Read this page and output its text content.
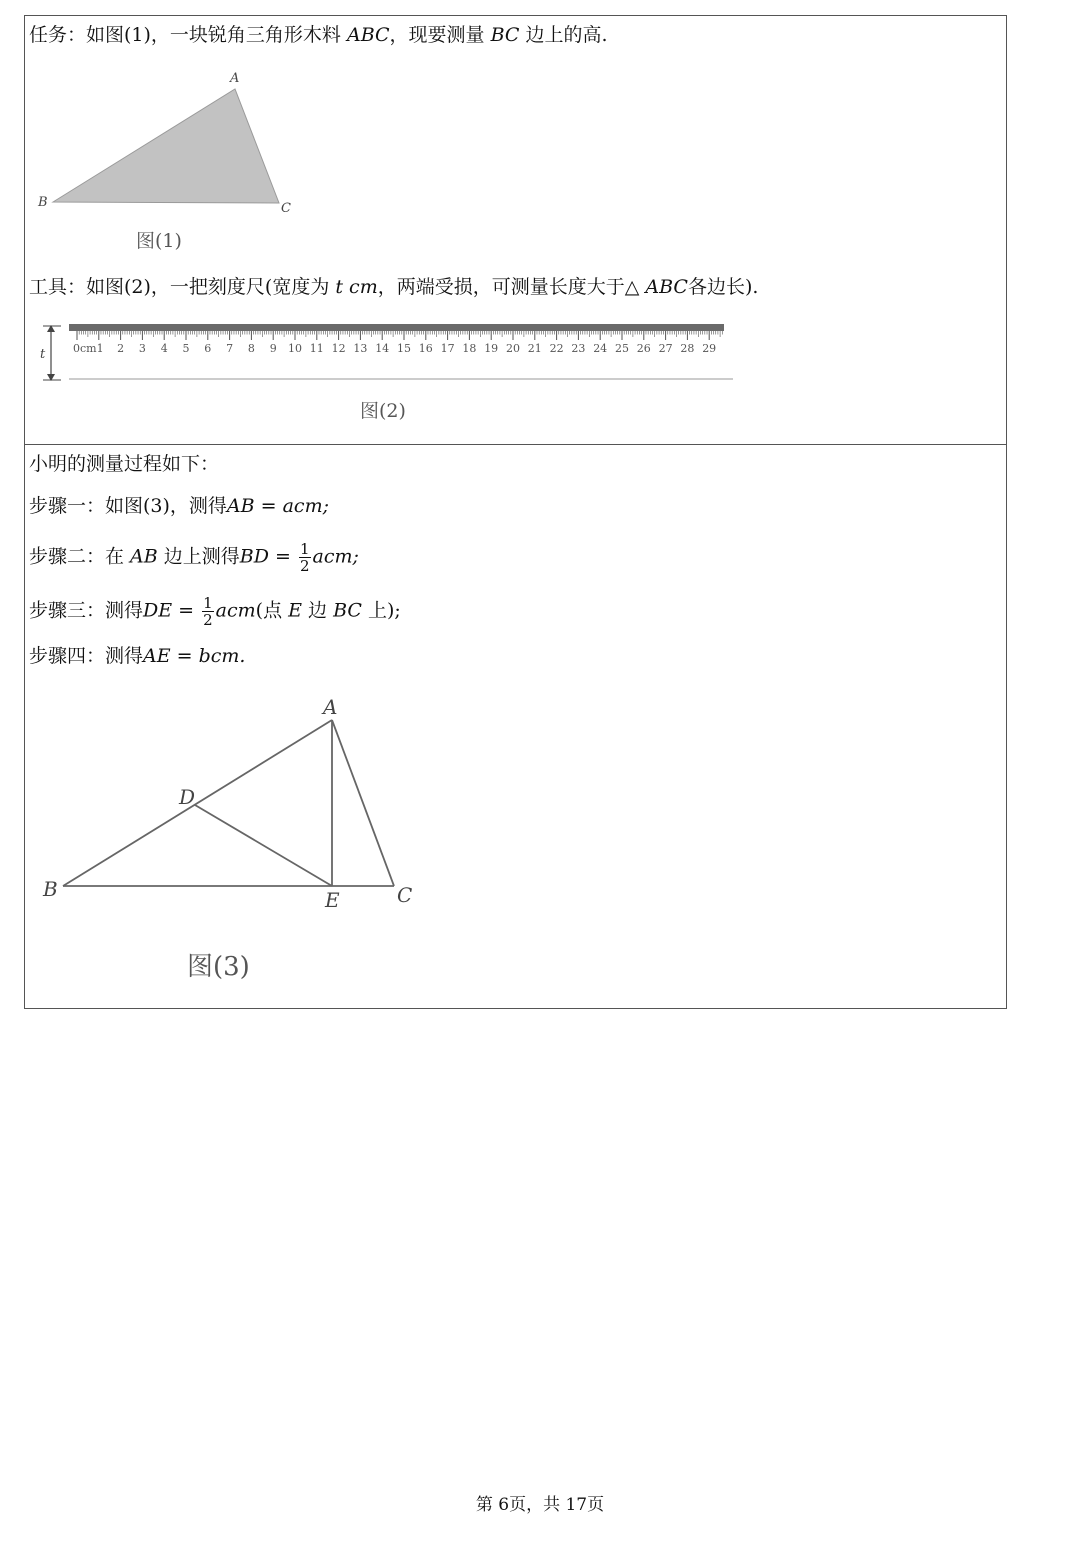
任务：如图(1)，一块锐角三角形木料 ABC，现要测量 BC 边上的高.
A
B	C
图(1)
工具：如图(2)，一把刻度尺(宽度为 t cm，两端受损，可测量长度大于△ ABC各边长).
t	0cm1 2 3 4 5 6 7 8 9 10 11 12 13 14 15 16 17 18 19 20 21 22 23 24 25 26 27 28 29
图(2)
小明的测量过程如下：
步骤一：如图(3)，测得AB = acm;
步骤二：在 AB 边上测得BD = $\frac{1}{2}$ acm;
步骤三：测得DE = $\frac{1}{2} acm$(点 E 边 BC 上);
步骤四：测得AE = bcm.
A
B	C
D
E
图(3)
第 6页，共 17页
